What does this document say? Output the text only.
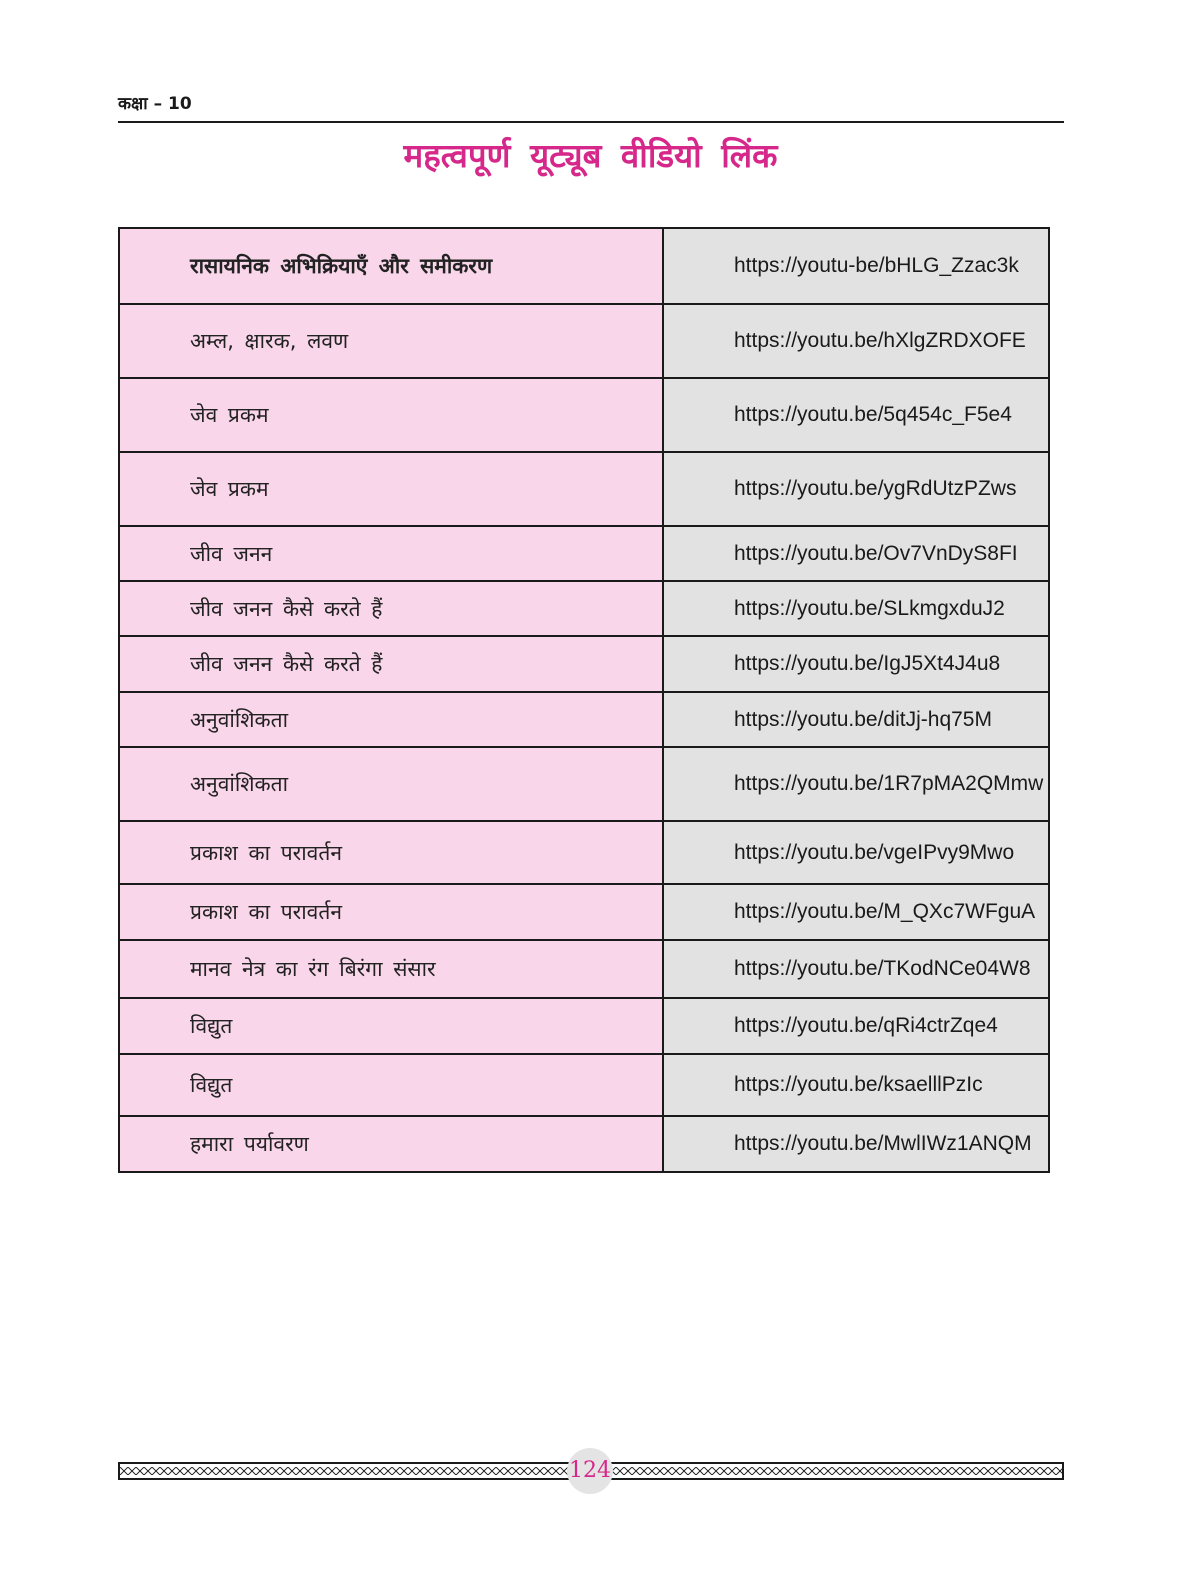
कक्षा – 10
महत्वपूर्ण यूट्यूब वीडियो लिंक
रासायनिक अभिक्रियाएँ और समीकरण	https://youtu-be/bHLG_Zzac3k
अम्ल, क्षारक, लवण	https://youtu.be/hXlgZRDXOFE
जेव प्रकम	https://youtu.be/5q454c_F5e4
जेव प्रकम	https://youtu.be/ygRdUtzPZws
जीव जनन	https://youtu.be/Ov7VnDyS8FI
जीव जनन कैसे करते हैं	https://youtu.be/SLkmgxduJ2
जीव जनन कैसे करते हैं	https://youtu.be/IgJ5Xt4J4u8
अनुवांशिकता	https://youtu.be/ditJj-hq75M
अनुवांशिकता	https://youtu.be/1R7pMA2QMmw
प्रकाश का परावर्तन	https://youtu.be/vgeIPvy9Mwo
प्रकाश का परावर्तन	https://youtu.be/M_QXc7WFguA
मानव नेत्र का रंग बिरंगा संसार	https://youtu.be/TKodNCe04W8
विद्युत	https://youtu.be/qRi4ctrZqe4
विद्युत	https://youtu.be/ksaelllPzIc
हमारा पर्यावरण	https://youtu.be/MwlIWz1ANQM
124
